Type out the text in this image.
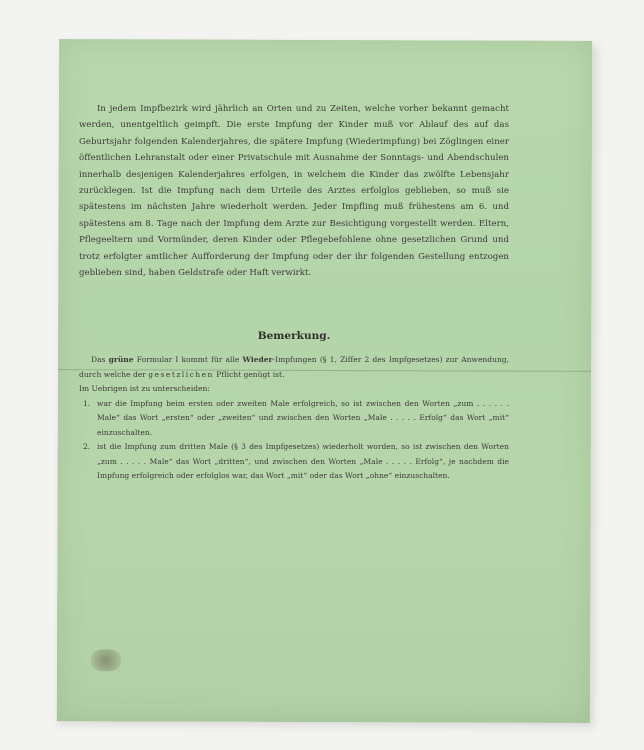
In jedem Impfbezirk wird jährlich an Orten und zu Zeiten, welche vorher bekannt gemacht werden, unentgeltlich geimpft. Die erste Impfung der Kinder muß vor Ablauf des auf das Geburtsjahr folgenden Kalenderjahres, die spätere Impfung (Wiederimpfung) bei Zöglingen einer öffentlichen Lehranstalt oder einer Privatschule mit Ausnahme der Sonntags- und Abendschulen innerhalb desjenigen Kalenderjahres erfolgen, in welchem die Kinder das zwölfte Lebensjahr zurücklegen. Ist die Impfung nach dem Urteile des Arztes erfolglos geblieben, so muß sie spätestens im nächsten Jahre wiederholt werden. Jeder Impfling muß frühestens am 6. und spätestens am 8. Tage nach der Impfung dem Arzte zur Besichtigung vorgestellt werden. Eltern, Pflegeeltern und Vormünder, deren Kinder oder Pflegebefohlene ohne gesetzlichen Grund und trotz erfolgter amtlicher Aufforderung der Impfung oder der ihr folgenden Gestellung entzogen geblieben sind, haben Geldstrafe oder Haft verwirkt.
Bemerkung.
Das grüne Formular I kommt für alle Wieder-Impfungen (§ 1, Ziffer 2 des Impfgesetzes) zur Anwendung, durch welche der gesetzlichen Pflicht genügt ist.
Im Uebrigen ist zu unterscheiden:
1. war die Impfung beim ersten oder zweiten Male erfolgreich, so ist zwischen den Worten „zum . . . . . . Male“ das Wort „ersten“ oder „zweiten“ und zwischen den Worten „Male . . . . . Erfolg“ das Wort „mit“ einzuschalten.
2. ist die Impfung zum dritten Male (§ 3 des Impfgesetzes) wiederholt worden, so ist zwischen den Worten „zum . . . . . Male“ das Wort „dritten“, und zwischen den Worten „Male . . . . . Erfolg“, je nachdem die Impfung erfolgreich oder erfolglos war, das Wort „mit“ oder das Wort „ohne“ einzuschalten.
